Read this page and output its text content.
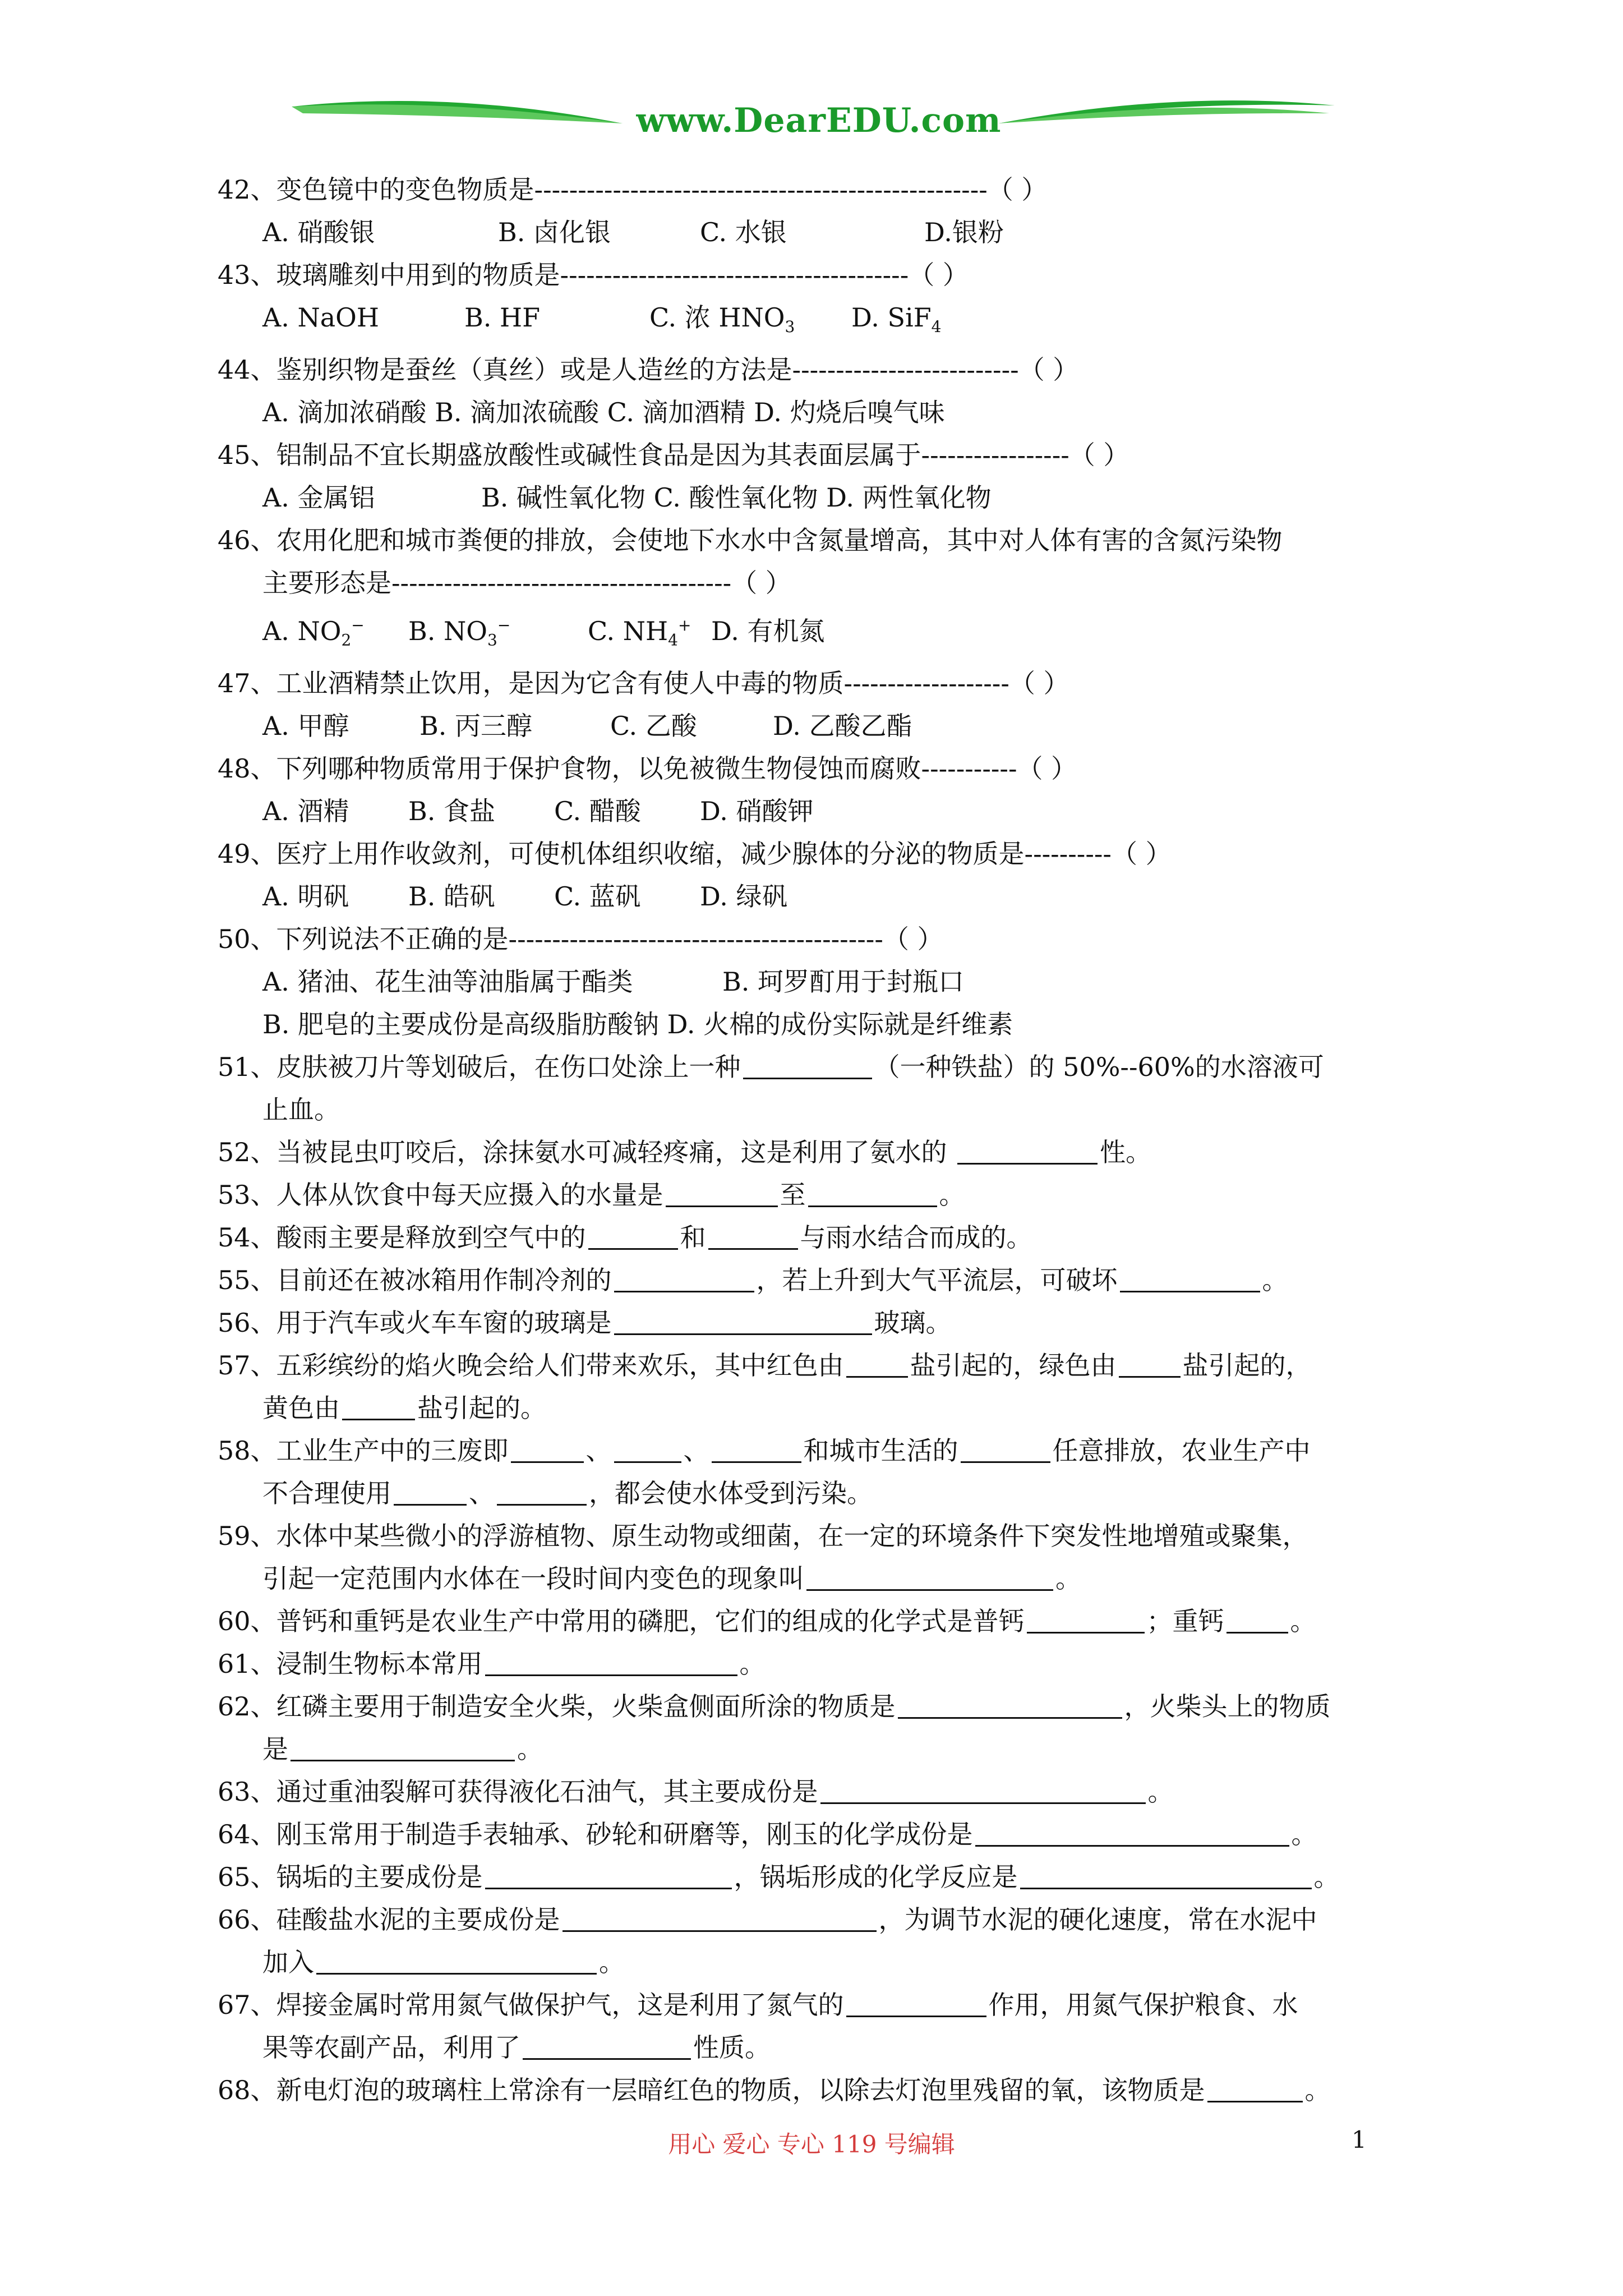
www.DearEDU.com
42、变色镜中的变色物质是----------------------------------------------------（ ）
A. 硝酸银	B. 卤化银	C. 水银	D.银粉
43、玻璃雕刻中用到的物质是----------------------------------------（ ）
A. NaOH	B. HF	C. 浓 $HNO_3$ D. SiF$_4$
44、鉴别织物是蚕丝（真丝）或是人造丝的方法是--------------------------（ ）
A. 滴加浓硝酸 B. 滴加浓硫酸 C. 滴加酒精 D. 灼烧后嗅气味
45、铝制品不宜长期盛放酸性或碱性食品是因为其表面层属于-----------------（ ）
A. 金属铝	B. 碱性氧化物 C. 酸性氧化物 D. 两性氧化物
46、农用化肥和城市粪便的排放，会使地下水水中含氮量增高，其中对人体有害的含氮污染物
主要形态是---------------------------------------（ ）
A. $NO_2^-$ B. $NO_3^-$	C. $NH_4^+$ D. 有机氮
47、工业酒精禁止饮用，是因为它含有使人中毒的物质-------------------（ ）
A. 甲醇	B. 丙三醇	C. 乙酸	D. 乙酸乙酯
48、下列哪种物质常用于保护食物，以免被微生物侵蚀而腐败-----------（ ）
A. 酒精 B. 食盐 C. 醋酸 D. 硝酸钾
49、医疗上用作收敛剂，可使机体组织收缩，减少腺体的分泌的物质是----------（ ）
A. 明矾 B. 皓矾 C. 蓝矾 D. 绿矾
50、下列说法不正确的是-------------------------------------------（ ）
A. 猪油、花生油等油脂属于酯类	B. 珂罗酊用于封瓶口
B. 肥皂的主要成份是高级脂肪酸钠 D. 火棉的成份实际就是纤维素
51、皮肤被刀片等划破后，在伤口处涂上一种	（一种铁盐）的 50%--60%的水溶液可
止血。
52、当被昆虫叮咬后，涂抹氨水可减轻疼痛，这是利用了氨水的	性。
53、人体从饮食中每天应摄入的水量是	至	。
54、酸雨主要是释放到空气中的	和	与雨水结合而成的。
55、目前还在被冰箱用作制冷剂的	，若上升到大气平流层，可破坏	。
56、用于汽车或火车车窗的玻璃是	玻璃。
57、五彩缤纷的焰火晚会给人们带来欢乐，其中红色由	盐引起的，绿色由	盐引起的，
黄色由	盐引起的。
58、工业生产中的三废即	、	、	和城市生活的	任意排放，农业生产中
不合理使用	、	，都会使水体受到污染。
59、水体中某些微小的浮游植物、原生动物或细菌，在一定的环境条件下突发性地增殖或聚集，
引起一定范围内水体在一段时间内变色的现象叫	。
60、普钙和重钙是农业生产中常用的磷肥，它们的组成的化学式是普钙	；重钙	。
61、浸制生物标本常用	。
62、红磷主要用于制造安全火柴，火柴盒侧面所涂的物质是	，火柴头上的物质
是	。
63、通过重油裂解可获得液化石油气，其主要成份是	。
64、刚玉常用于制造手表轴承、砂轮和研磨等，刚玉的化学成份是	。
65、锅垢的主要成份是	，锅垢形成的化学反应是	。
66、硅酸盐水泥的主要成份是	，为调节水泥的硬化速度，常在水泥中
加入	。
67、焊接金属时常用氮气做保护气，这是利用了氮气的	作用，用氮气保护粮食、水
果等农副产品，利用了	性质。
68、新电灯泡的玻璃柱上常涂有一层暗红色的物质，以除去灯泡里残留的氧，该物质是	。
用心 爱心 专心 119 号编辑	1
